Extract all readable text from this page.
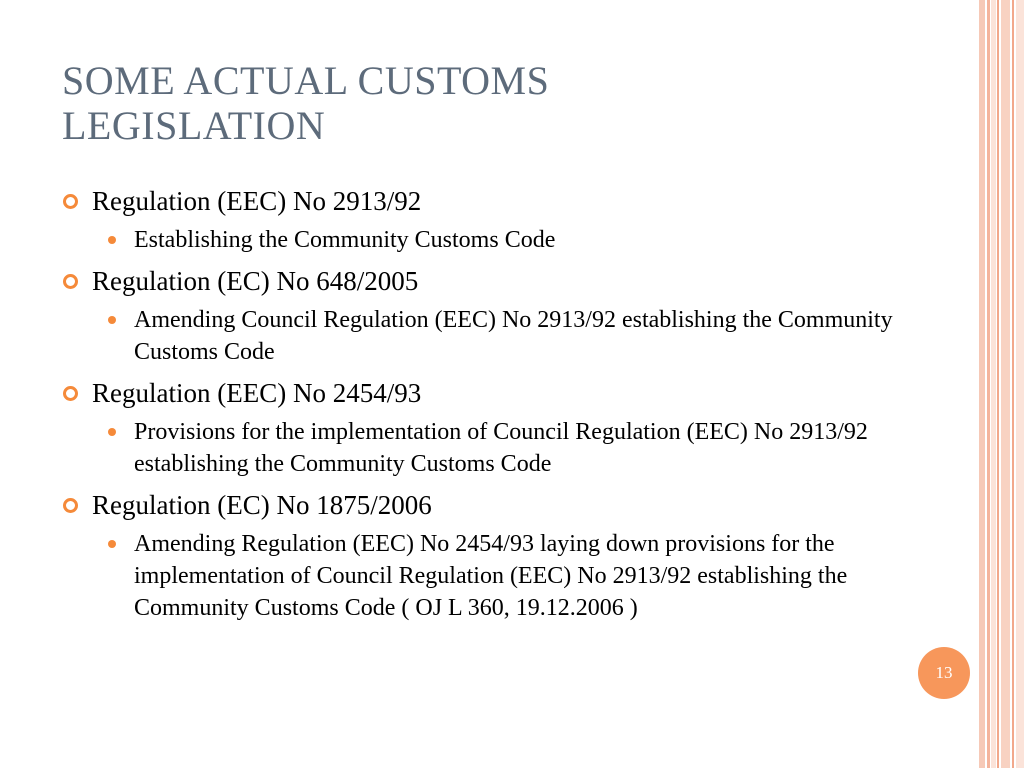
SOME ACTUAL CUSTOMS
LEGISLATION
Regulation (EEC) No 2913/92
Establishing the Community Customs Code
Regulation (EC) No 648/2005
Amending Council Regulation (EEC) No 2913/92 establishing the Community Customs Code
Regulation (EEC) No 2454/93
Provisions for the implementation of Council Regulation (EEC) No 2913/92 establishing the Community Customs Code
Regulation (EC) No 1875/2006
Amending Regulation (EEC) No 2454/93 laying down provisions for the implementation of Council Regulation (EEC) No 2913/92 establishing the Community Customs Code ( OJ L 360, 19.12.2006 )
13
